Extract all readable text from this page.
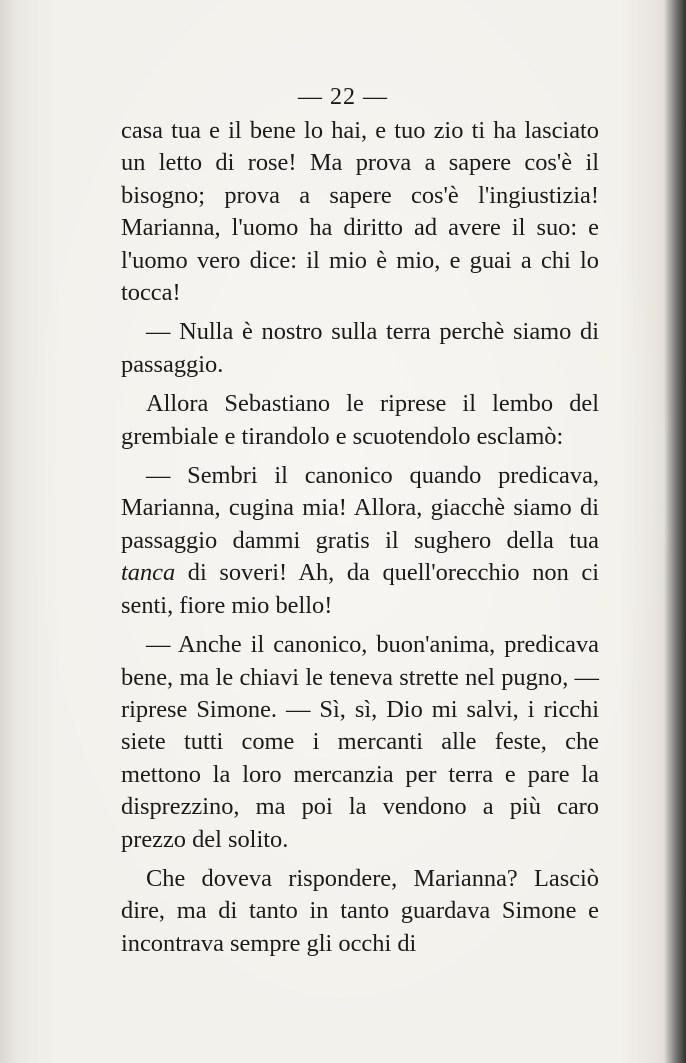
— 22 —

casa tua e il bene lo hai, e tuo zio ti ha lasciato un letto di rose! Ma prova a sapere cos'è il bisogno; prova a sapere cos'è l'ingiustizia! Marianna, l'uomo ha diritto ad avere il suo: e l'uomo vero dice: il mio è mio, e guai a chi lo tocca!

— Nulla è nostro sulla terra perchè siamo di passaggio.

Allora Sebastiano le riprese il lembo del grembiale e tirandolo e scuotendolo esclamò:

— Sembri il canonico quando predicava, Marianna, cugina mia! Allora, giacchè siamo di passaggio dammi gratis il sughero della tua tanca di soveri! Ah, da quell'orecchio non ci senti, fiore mio bello!

— Anche il canonico, buon'anima, predicava bene, ma le chiavi le teneva strette nel pugno, — riprese Simone. — Sì, sì, Dio mi salvi, i ricchi siete tutti come i mercanti alle feste, che mettono la loro mercanzia per terra e pare la disprezzino, ma poi la vendono a più caro prezzo del solito.

Che doveva rispondere, Marianna? Lasciò dire, ma di tanto in tanto guardava Simone e incontrava sempre gli occhi di
